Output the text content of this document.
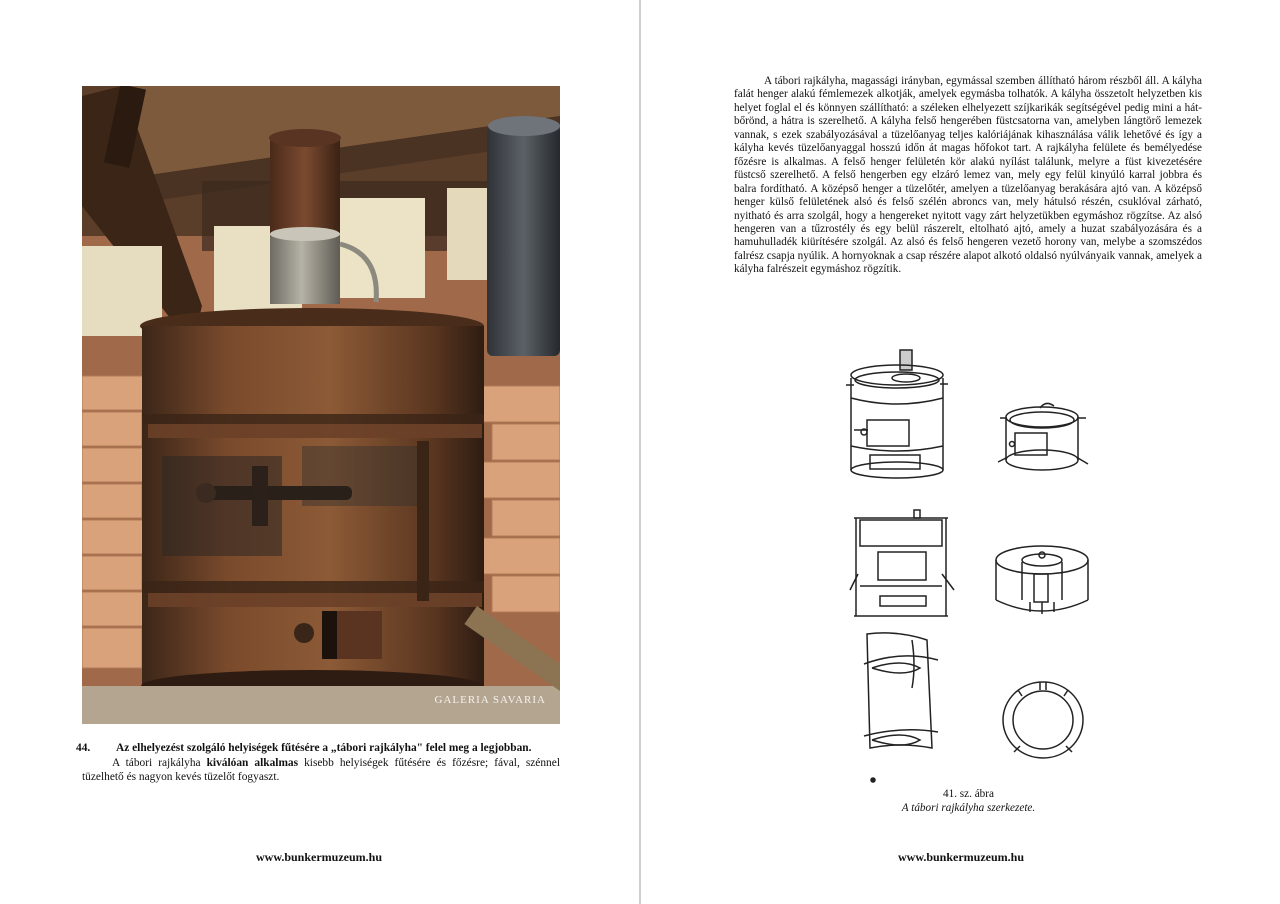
GALERIA SAVARIA
44.	Az elhelyezést szolgáló helyiségek fűtésére a „tábori rajkályha" felel meg a legjobban.
A tábori rajkályha kiválóan alkalmas kisebb helyiségek fűtésére és főzésre; fával, szénnel tüzelhető és nagyon kevés tüzelőt fogyaszt.
www.bunkermuzeum.hu
A tábori rajkályha, magassági irányban, egymással szemben állítható három részből áll. A kályha falát henger alakú fémlemezek alkotják, amelyek egymásba tolhatók. A kályha összetolt helyzetben kis helyet foglal el és könnyen szállítható: a széleken elhelyezett szíjkarikák segítségével pedig mini a hát-bőrönd, a hátra is szerelhető. A kályha felső hengerében füstcsatorna van, amelyben lángtörő lemezek vannak, s ezek szabályozásával a tüzelőanyag teljes kalóriájának kihasználása válik lehetővé és így a kályha kevés tüzelőanyaggal hosszú időn át magas hőfokot tart. A rajkályha felülete és bemélyedése főzésre is alkalmas. A felső henger felületén kör alakú nyílást találunk, melyre a füst kivezetésére füstcső szerelhető. A felső hengerben egy elzáró lemez van, mely egy felül kinyúló karral jobbra és balra fordítható. A középső henger a tüzelőtér, amelyen a tüzelőanyag berakására ajtó van. A középső henger külső felületének alsó és felső szélén abroncs van, mely hátulsó részén, csuklóval zárható, nyitható és arra szolgál, hogy a hengereket nyitott vagy zárt helyzetükben egymáshoz rögzítse. Az alsó hengeren van a tűzrostély és egy belül rászerelt, eltolható ajtó, amely a huzat szabályozására és a hamuhulladék kiürítésére szolgál. Az alsó és felső hengeren vezető horony van, melybe a szomszédos falrész csapja nyúlik. A hornyoknak a csap részére alapot alkotó oldalsó nyúlványaik vannak, amelyek a kályha falrészeit egymáshoz rögzítik.
41. sz. ábra
A tábori rajkályha szerkezete.
www.bunkermuzeum.hu
